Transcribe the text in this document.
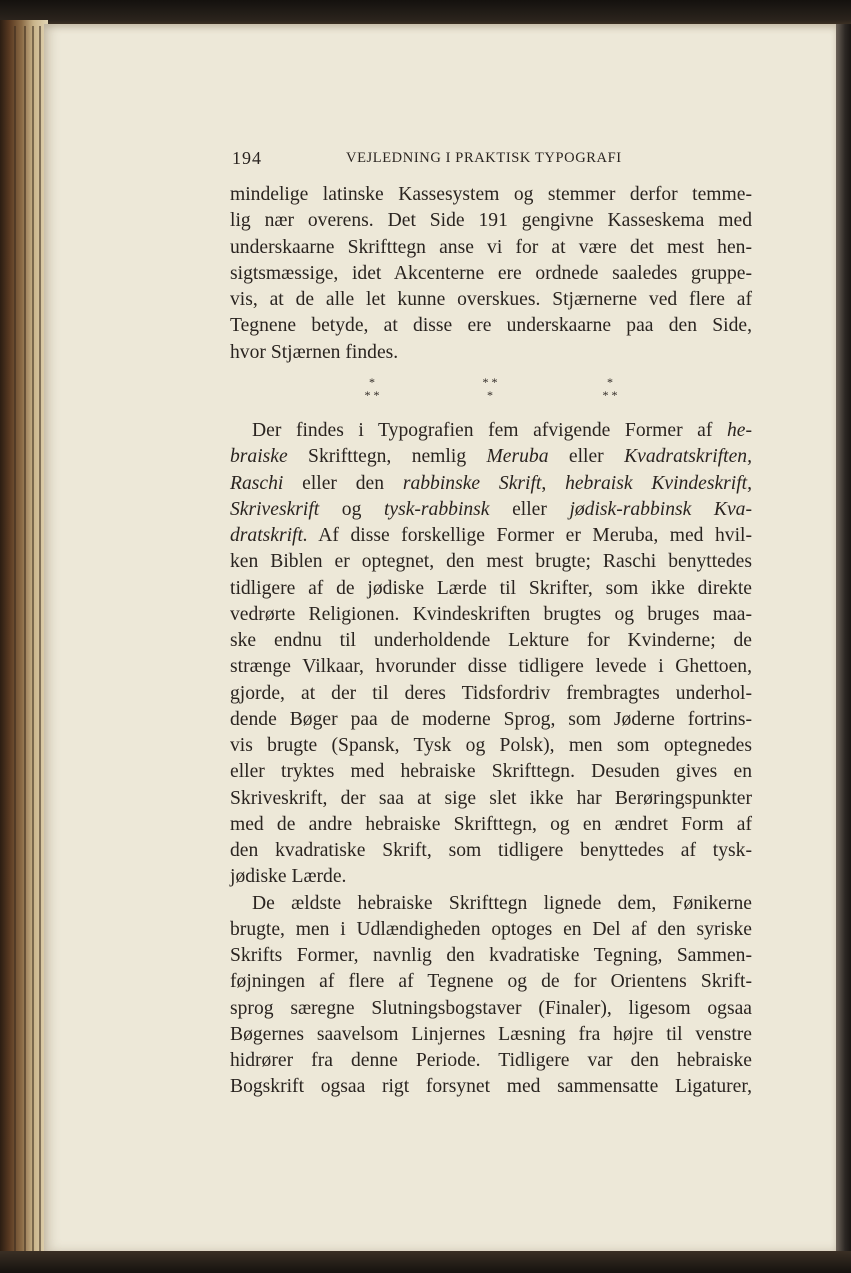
194	VEJLEDNING I PRAKTISK TYPOGRAFI

mindelige latinske Kassesystem og stemmer derfor temme-

lig nær overens. Det Side 191 gengivne Kasseskema med

underskaarne Skrifttegn anse vi for at være det mest hen-

sigtsmæssige, idet Akcenterne ere ordnede saaledes gruppe-

vis, at de alle let kunne overskues. Stjærnerne ved flere af

Tegnene betyde, at disse ere underskaarne paa den Side,

hvor Stjærnen findes.

*
* *
* *
*
*
* *

Der findes i Typografien fem afvigende Former af he-

braiske Skrifttegn, nemlig Meruba eller Kvadratskriften,

Raschi eller den rabbinske Skrift, hebraisk Kvindeskrift,

Skriveskrift og tysk-rabbinsk eller jødisk-rabbinsk Kva-

dratskrift. Af disse forskellige Former er Meruba, med hvil-

ken Biblen er optegnet, den mest brugte; Raschi benyttedes

tidligere af de jødiske Lærde til Skrifter, som ikke direkte

vedrørte Religionen. Kvindeskriften brugtes og bruges maa-

ske endnu til underholdende Lekture for Kvinderne; de

strænge Vilkaar, hvorunder disse tidligere levede i Ghettoen,

gjorde, at der til deres Tidsfordriv frembragtes underhol-

dende Bøger paa de moderne Sprog, som Jøderne fortrins-

vis brugte (Spansk, Tysk og Polsk), men som optegnedes

eller tryktes med hebraiske Skrifttegn. Desuden gives en

Skriveskrift, der saa at sige slet ikke har Berøringspunkter

med de andre hebraiske Skrifttegn, og en ændret Form af

den kvadratiske Skrift, som tidligere benyttedes af tysk-

jødiske Lærde.

De ældste hebraiske Skrifttegn lignede dem, Fønikerne

brugte, men i Udlændigheden optoges en Del af den syriske

Skrifts Former, navnlig den kvadratiske Tegning, Sammen-

føjningen af flere af Tegnene og de for Orientens Skrift-

sprog særegne Slutningsbogstaver (Finaler), ligesom ogsaa

Bøgernes saavelsom Linjernes Læsning fra højre til venstre

hidrører fra denne Periode. Tidligere var den hebraiske

Bogskrift ogsaa rigt forsynet med sammensatte Ligaturer,
